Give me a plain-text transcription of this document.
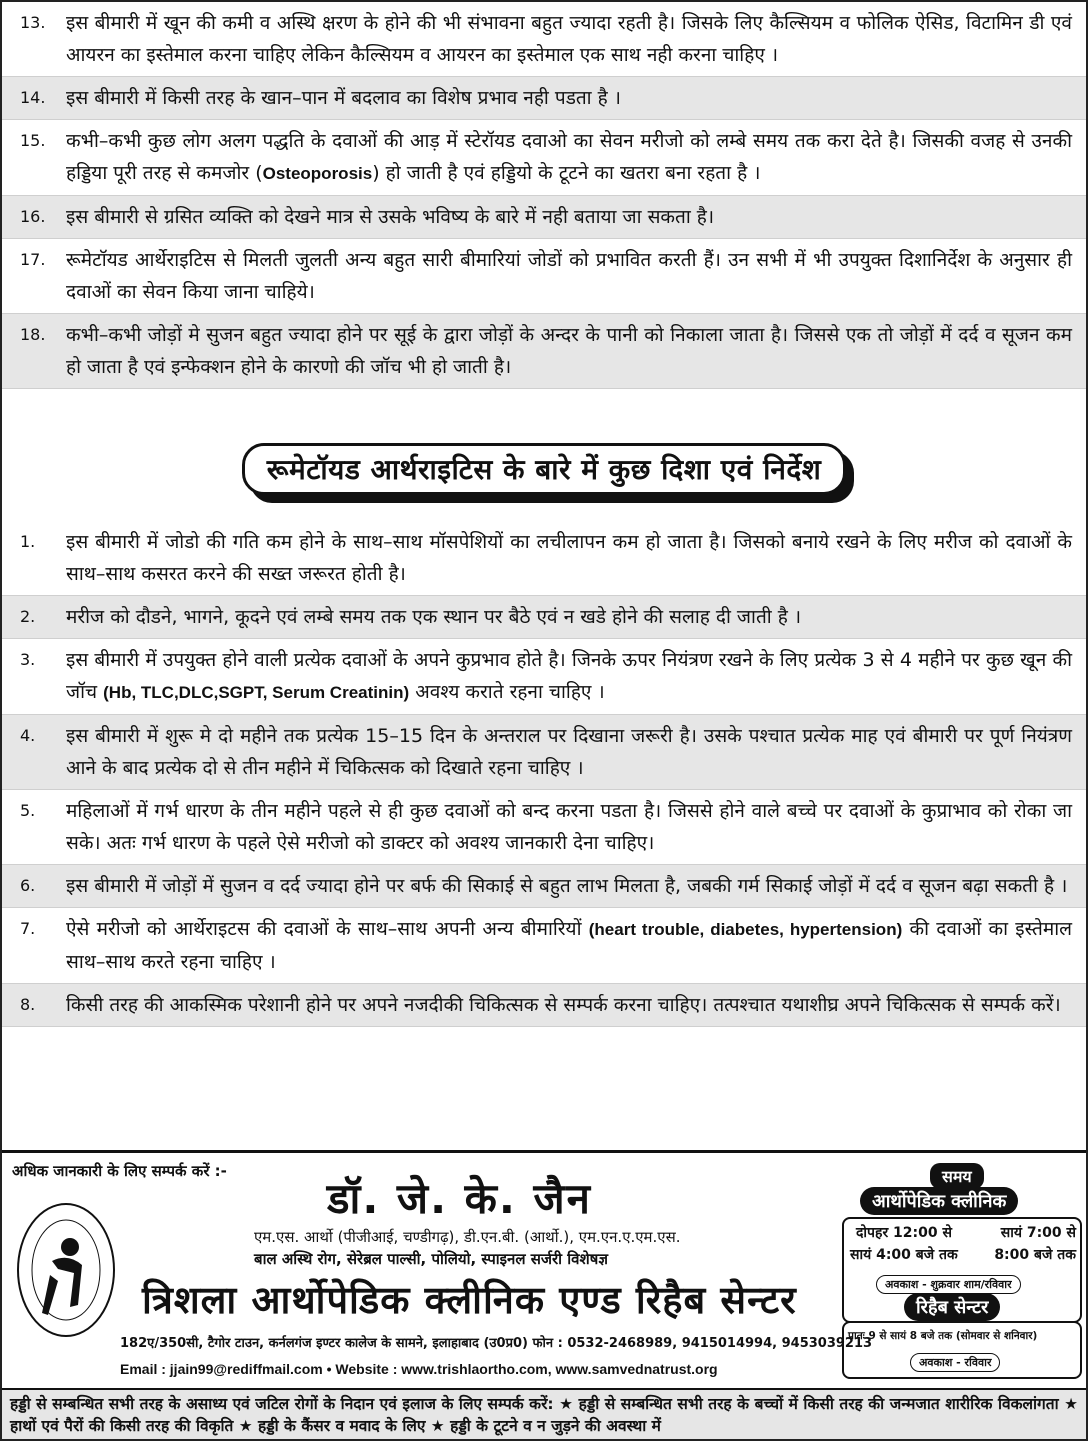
13. इस बीमारी में खून की कमी व अस्थि क्षरण के होने की भी संभावना बहुत ज्यादा रहती है। जिसके लिए कैल्सियम व फोलिक ऐसिड, विटामिन डी एवं आयरन का इस्तेमाल करना चाहिए लेकिन कैल्सियम व आयरन का इस्तेमाल एक साथ नही करना चाहिए ।
14. इस बीमारी में किसी तरह के खान–पान में बदलाव का विशेष प्रभाव नही पडता है ।
15. कभी–कभी कुछ लोग अलग पद्धति के दवाओं की आड़ में स्टेरॉयड दवाओ का सेवन मरीजो को लम्बे समय तक करा देते है। जिसकी वजह से उनकी हड्डिया पूरी तरह से कमजोर (Osteoporosis) हो जाती है एवं हड्डियो के टूटने का खतरा बना रहता है ।
16. इस बीमारी से ग्रसित व्यक्ति को देखने मात्र से उसके भविष्य के बारे में नही बताया जा सकता है।
17. रूमेटॉयड आर्थेराइटिस से मिलती जुलती अन्य बहुत सारी बीमारियां जोडों को प्रभावित करती हैं। उन सभी में भी उपयुक्त दिशानिर्देश के अनुसार ही दवाओं का सेवन किया जाना चाहिये।
18. कभी–कभी जोड़ों मे सुजन बहुत ज्यादा होने पर सूई के द्वारा जोड़ों के अन्दर के पानी को निकाला जाता है। जिससे एक तो जोड़ों में दर्द व सूजन कम हो जाता है एवं इन्फेक्शन होने के कारणो की जॉच भी हो जाती है।
रूमेटॉयड आर्थराइटिस के बारे में कुछ दिशा एवं निर्देश
1. इस बीमारी में जोडो की गति कम होने के साथ–साथ मॉसपेशियों का लचीलापन कम हो जाता है। जिसको बनाये रखने के लिए मरीज को दवाओं के साथ–साथ कसरत करने की सख्त जरूरत होती है।
2. मरीज को दौडने, भागने, कूदने एवं लम्बे समय तक एक स्थान पर बैठे एवं न खडे होने की सलाह दी जाती है ।
3. इस बीमारी में उपयुक्त होने वाली प्रत्येक दवाओं के अपने कुप्रभाव होते है। जिनके ऊपर नियंत्रण रखने के लिए प्रत्येक 3 से 4 महीने पर कुछ खून की जॉच (Hb, TLC,DLC,SGPT, Serum Creatinin) अवश्य कराते रहना चाहिए ।
4. इस बीमारी में शुरू मे दो महीने तक प्रत्येक 15–15 दिन के अन्तराल पर दिखाना जरूरी है। उसके पश्चात प्रत्येक माह एवं बीमारी पर पूर्ण नियंत्रण आने के बाद प्रत्येक दो से तीन महीने में चिकित्सक को दिखाते रहना चाहिए ।
5. महिलाओं में गर्भ धारण के तीन महीने पहले से ही कुछ दवाओं को बन्द करना पडता है। जिससे होने वाले बच्चे पर दवाओं के कुप्राभाव को रोका जा सके। अतः गर्भ धारण के पहले ऐसे मरीजो को डाक्टर को अवश्य जानकारी देना चाहिए।
6. इस बीमारी में जोड़ों में सुजन व दर्द ज्यादा होने पर बर्फ की सिकाई से बहुत लाभ मिलता है, जबकी गर्म सिकाई जोड़ों में दर्द व सूजन बढ़ा सकती है ।
7. ऐसे मरीजो को आर्थेराइटस की दवाओं के साथ–साथ अपनी अन्य बीमारियों (heart trouble, diabetes, hypertension) की दवाओं का इस्तेमाल साथ–साथ करते रहना चाहिए ।
8. किसी तरह की आकस्मिक परेशानी होने पर अपने नजदीकी चिकित्सक से सम्पर्क करना चाहिए। तत्पश्चात यथाशीघ्र अपने चिकित्सक से सम्पर्क करें।
अधिक जानकारी के लिए सम्पर्क करें :-
डॉ. जे. के. जैन
एम.एस. आर्थो (पीजीआई, चण्डीगढ़), डी.एन.बी. (आर्थो.), एम.एन.ए.एम.एस.
बाल अस्थि रोग, सेरेब्रल पाल्सी, पोलियो, स्पाइनल सर्जरी विशेषज्ञ
त्रिशला आर्थोपेडिक क्लीनिक एण्ड रिहैब सेन्टर
182ए/350सी, टैगोर टाउन, कर्नलगंज इण्टर कालेज के सामने, इलाहाबाद (उ0प्र0) फोन : 0532-2468989, 9415014994, 9453039213
Email : jjain99@rediffmail.com • Website : www.trishlaortho.com, www.samvednatrust.org
समय
आर्थोपेडिक क्लीनिक
दोपहर 12:00 से
सायं 4:00 बजे तक
सायं 7:00 से
8:00 बजे तक
अवकाश - शुक्रवार शाम/रविवार
रिहैब सेन्टर
प्रातः 9 से सायं 8 बजे तक (सोमवार से शनिवार)
अवकाश - रविवार
हड्डी से सम्बन्धित सभी तरह के असाध्य एवं जटिल रोगों के निदान एवं इलाज के लिए सम्पर्क करें: ★ हड्डी से सम्बन्धित सभी तरह के बच्चों में किसी तरह की जन्मजात शारीरिक विकलांगता ★ हाथों एवं पैरों की किसी तरह की विकृति ★ हड्डी के कैंसर व मवाद के लिए ★ हड्डी के टूटने व न जुड़ने की अवस्था में
